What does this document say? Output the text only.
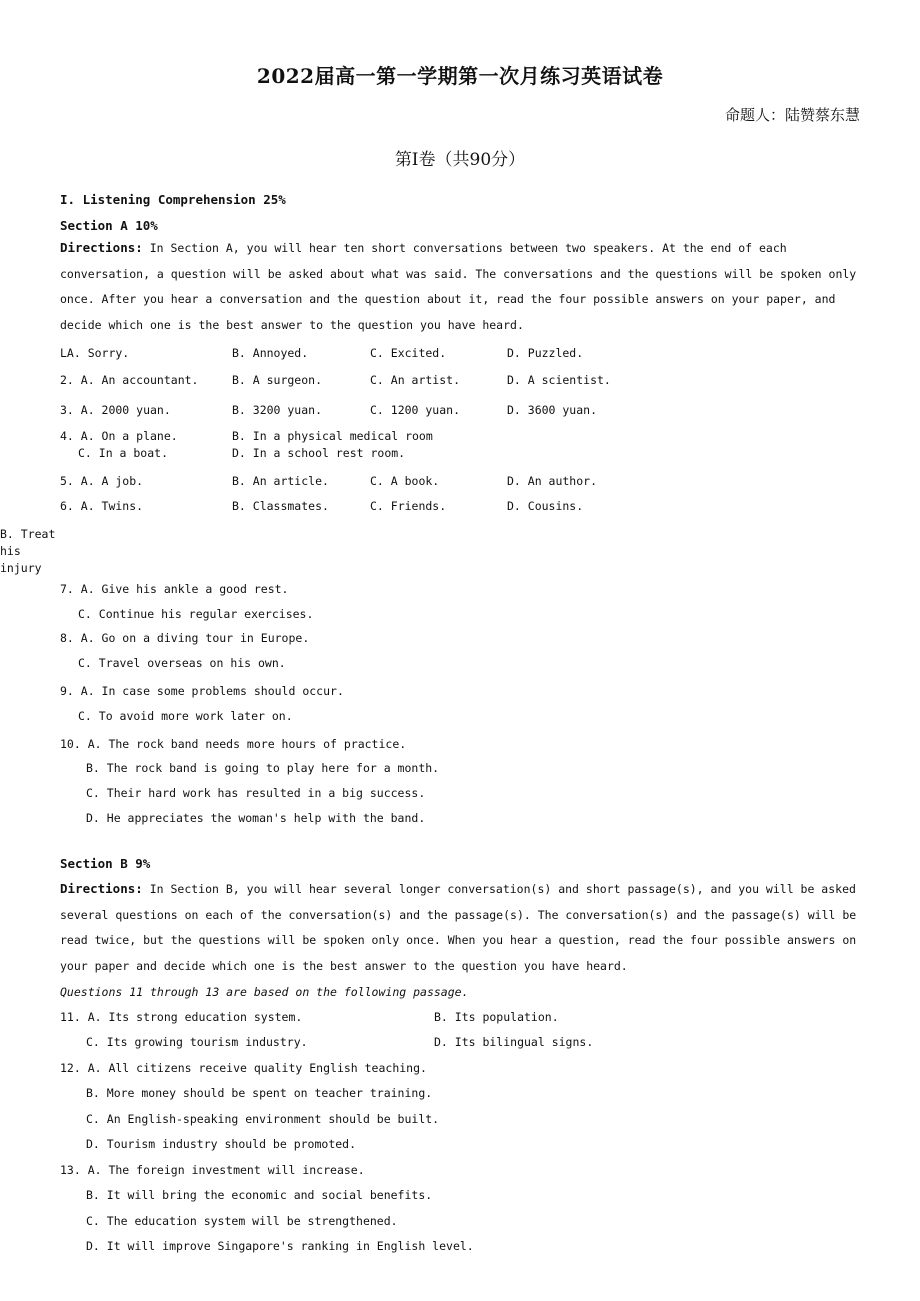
2022届高一第一学期第一次月练习英语试卷
命题人：陆赞蔡东慧
第I卷（共90分）
I. Listening Comprehension 25%
Section A 10%
Directions: In Section A, you will hear ten short conversations between two speakers. At the end of each conversation, a question will be asked about what was said. The conversations and the questions will be spoken only once. After you hear a conversation and the question about it, read the four possible answers on your paper, and decide which one is the best answer to the question you have heard.
LA. Sorry.	B. Annoyed.	C. Excited.	D. Puzzled.
2. A. An accountant.	B. A surgeon.	C. An artist.	D. A scientist.
3. A. 2000 yuan.	B. 3200 yuan.	C. 1200 yuan.	D. 3600 yuan.
4. A. On a plane.	B. In a physical medical room
C. In a boat.	D. In a school rest room.
5. A. A job.	B. An article.	C. A book.	D. An author.
6. A. Twins.	B. Classmates.	C. Friends.	D. Cousins.
B. Treat his injury
7. A. Give his ankle a good rest.
C. Continue his regular exercises.
8. A. Go on a diving tour in Europe.
C. Travel overseas on his own.
9. A. In case some problems should occur.
C. To avoid more work later on.
10. A. The rock band needs more hours of practice.
B. The rock band is going to play here for a month.
C. Their hard work has resulted in a big success.
D. He appreciates the woman's help with the band.
Section B 9%
Directions: In Section B, you will hear several longer conversation(s) and short passage(s), and you will be asked several questions on each of the conversation(s) and the passage(s). The conversation(s) and the passage(s) will be read twice, but the questions will be spoken only once. When you hear a question, read the four possible answers on your paper and decide which one is the best answer to the question you have heard.
Questions 11 through 13 are based on the following passage.
11. A. Its strong education system.	B. Its population.
C. Its growing tourism industry.	D. Its bilingual signs.
12. A. All citizens receive quality English teaching.
B. More money should be spent on teacher training.
C. An English-speaking environment should be built.
D. Tourism industry should be promoted.
13. A. The foreign investment will increase.
B. It will bring the economic and social benefits.
C. The education system will be strengthened.
D. It will improve Singapore's ranking in English level.
